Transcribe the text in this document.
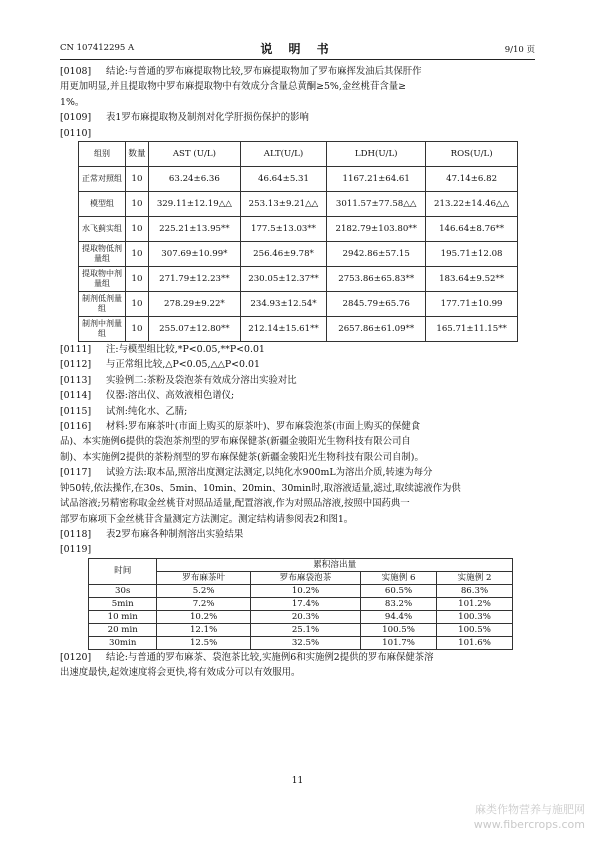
CN 107412295 A	说 明 书	9/10 页

[0108] 结论:与普通的罗布麻提取物比较,罗布麻提取物加了罗布麻挥发油后其保肝作

用更加明显,并且提取物中罗布麻提取物中有效成分含量总黄酮≥5%,金丝桃苷含量≥

1%。

[0109] 表1罗布麻提取物及制剂对化学肝损伤保护的影响

[0110]

组别	数量	AST (U/L)	ALT(U/L)	LDH(U/L)	ROS(U/L)
正常对照组	10	63.24±6.36	46.64±5.31	1167.21±64.61	47.14±6.82
模型组	10	329.11±12.19△△	253.13±9.21△△	3011.57±77.58△△	213.22±14.46△△
水飞蓟实组	10	225.21±13.95**	177.5±13.03**	2182.79±103.80**	146.64±8.76**
提取物低剂量组	10	307.69±10.99*	256.46±9.78*	2942.86±57.15	195.71±12.08
提取物中剂量组	10	271.79±12.23**	230.05±12.37**	2753.86±65.83**	183.64±9.52**
制剂低剂量组	10	278.29±9.22*	234.93±12.54*	2845.79±65.76	177.71±10.99
制剂中剂量组	10	255.07±12.80**	212.14±15.61**	2657.86±61.09**	165.71±11.15**

[0111] 注:与模型组比较,*P<0.05,**P<0.01

[0112] 与正常组比较,△P<0.05,△△P<0.01

[0113] 实验例二:茶粉及袋泡茶有效成分溶出实验对比

[0114] 仪器:溶出仪、高效液相色谱仪;

[0115] 试剂:纯化水、乙腈;

[0116] 材料:罗布麻茶叶(市面上购买的原茶叶)、罗布麻袋泡茶(市面上购买的保健食

品)、本实施例6提供的袋泡茶剂型的罗布麻保健茶(新疆金骏阳光生物科技有限公司自

制)、本实施例2提供的茶粉剂型的罗布麻保健茶(新疆金骏阳光生物科技有限公司自制)。

[0117] 试验方法:取本品,照溶出度测定法测定,以纯化水900mL为溶出介质,转速为每分

钟50转,依法操作,在30s、5min、10min、20min、30min时,取溶液适量,滤过,取续滤液作为供

试品溶液;另精密称取金丝桃苷对照品适量,配置溶液,作为对照品溶液,按照中国药典一

部罗布麻项下金丝桃苷含量测定方法测定。测定结构请参阅表2和图1。

[0118] 表2罗布麻各种制剂溶出实验结果

[0119]

时间	累积溶出量			
	罗布麻茶叶	罗布麻袋泡茶	实施例 6	实施例 2
30s	5.2%	10.2%	60.5%	86.3%
5min	7.2%	17.4%	83.2%	101.2%
10 min	10.2%	20.3%	94.4%	100.3%
20 min	12.1%	25.1%	100.5%	100.5%
30min	12.5%	32.5%	101.7%	101.6%

[0120] 结论:与普通的罗布麻茶、袋泡茶比较,实施例6和实施例2提供的罗布麻保健茶溶

出速度最快,起效速度将会更快,将有效成分可以有效服用。

11
麻类作物营养与施肥网
www.fibercrops.com
